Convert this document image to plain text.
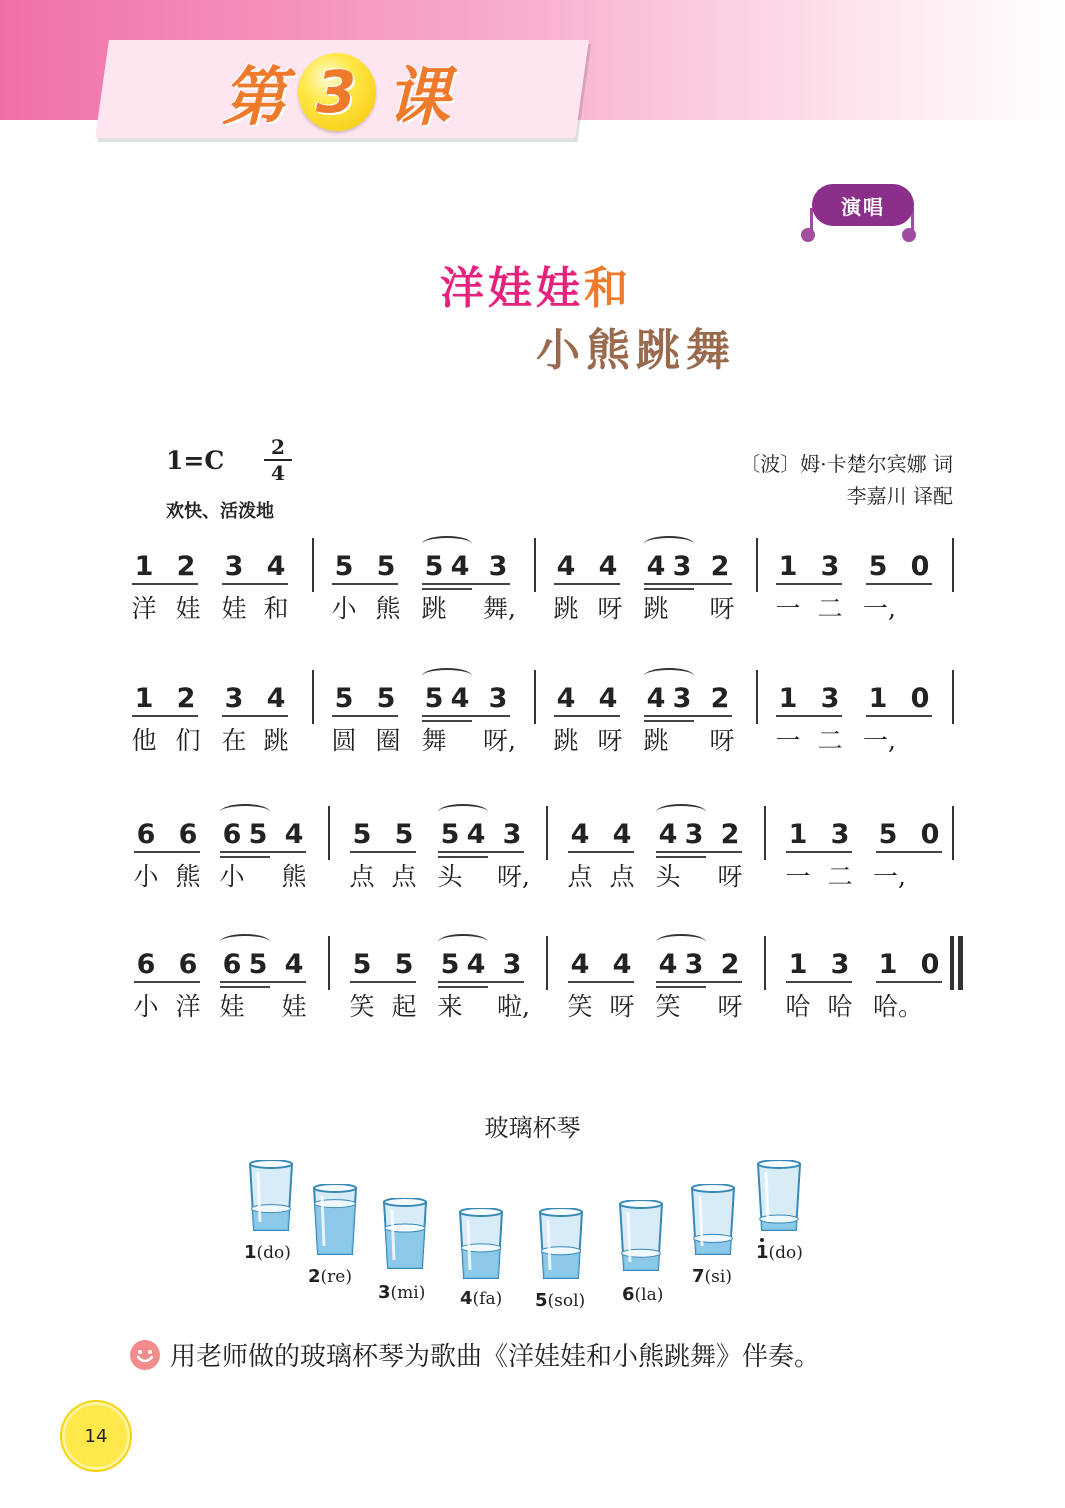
第 3 课
演唱
洋娃娃和
小熊跳舞
1=C	2
4
欢快、活泼地
〔波〕姆·卡楚尔宾娜 词
李嘉川 译配
1 2 3 4 5 5 5 4 3 4 4 4 3 2 1 3 5 0
洋 娃 娃 和 小 熊 跳 舞, 跳 呀 跳 呀 一 二 一,
1 2 3 4 5 5 5 4 3 4 4 4 3 2 1 3 1 0
他 们 在 跳 圆 圈 舞 呀, 跳 呀 跳 呀 一 二 一,
6 6 6 5 4 5 5 5 4 3 4 4 4 3 2 1 3 5 0
小 熊 小 熊 点 点 头 呀, 点 点 头 呀 一 二 一,
6 6 6 5 4 5 5 5 4 3 4 4 4 3 2 1 3 1 0
小 洋 娃 娃 笑 起 来 啦, 笑 呀 笑 呀 哈 哈 哈。
玻璃杯琴
1(do)
2(re)
3(mi) 4(fa) 5(sol) 6(la)
7(si)
1(do)
用老师做的玻璃杯琴为歌曲《洋娃娃和小熊跳舞》伴奏。
14
